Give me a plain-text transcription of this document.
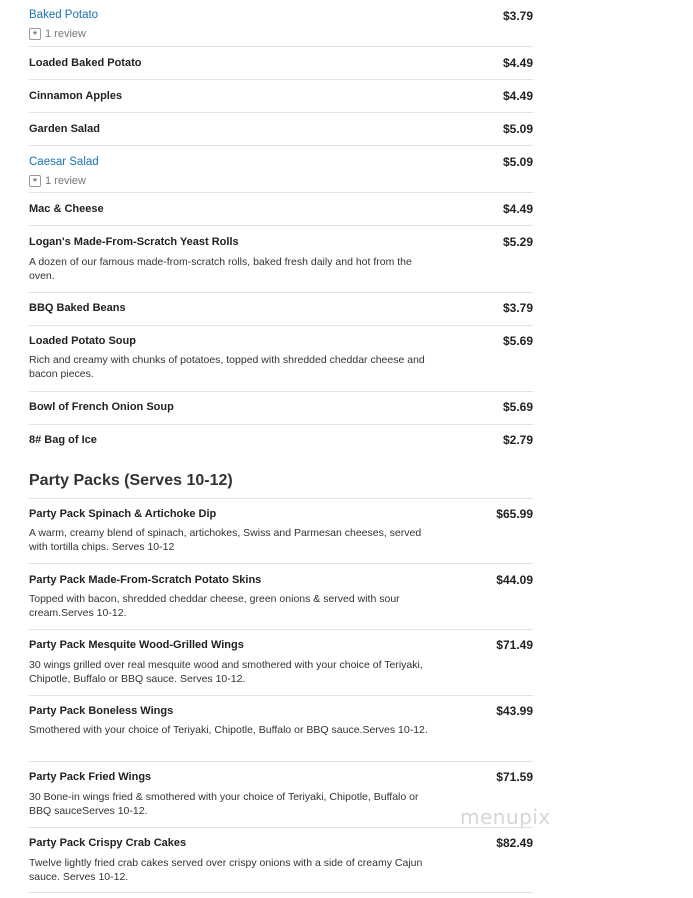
Baked Potato	$3.79
★ 1 review
Loaded Baked Potato	$4.49
Cinnamon Apples	$4.49
Garden Salad	$5.09
Caesar Salad	$5.09
★ 1 review
Mac & Cheese	$4.49
Logan's Made-From-Scratch Yeast Rolls	$5.29
A dozen of our famous made-from-scratch rolls, baked fresh daily and hot from the oven.
BBQ Baked Beans	$3.79
Loaded Potato Soup	$5.69
Rich and creamy with chunks of potatoes, topped with shredded cheddar cheese and bacon pieces.
Bowl of French Onion Soup	$5.69
8# Bag of Ice	$2.79
Party Packs (Serves 10-12)
Party Pack Spinach & Artichoke Dip	$65.99
A warm, creamy blend of spinach, artichokes, Swiss and Parmesan cheeses, served with tortilla chips. Serves 10-12
Party Pack Made-From-Scratch Potato Skins	$44.09
Topped with bacon, shredded cheddar cheese, green onions & served with sour cream.Serves 10-12.
Party Pack Mesquite Wood-Grilled Wings	$71.49
30 wings grilled over real mesquite wood and smothered with your choice of Teriyaki, Chipotle, Buffalo or BBQ sauce. Serves 10-12.
Party Pack Boneless Wings	$43.99
Smothered with your choice of Teriyaki, Chipotle, Buffalo or BBQ sauce.Serves 10-12.
Party Pack Fried Wings	$71.59
30 Bone-in wings fried & smothered with your choice of Teriyaki, Chipotle, Buffalo or BBQ sauceServes 10-12.
Party Pack Crispy Crab Cakes	$82.49
Twelve lightly fried crab cakes served over crispy onions with a side of creamy Cajun sauce. Serves 10-12.
menupix
